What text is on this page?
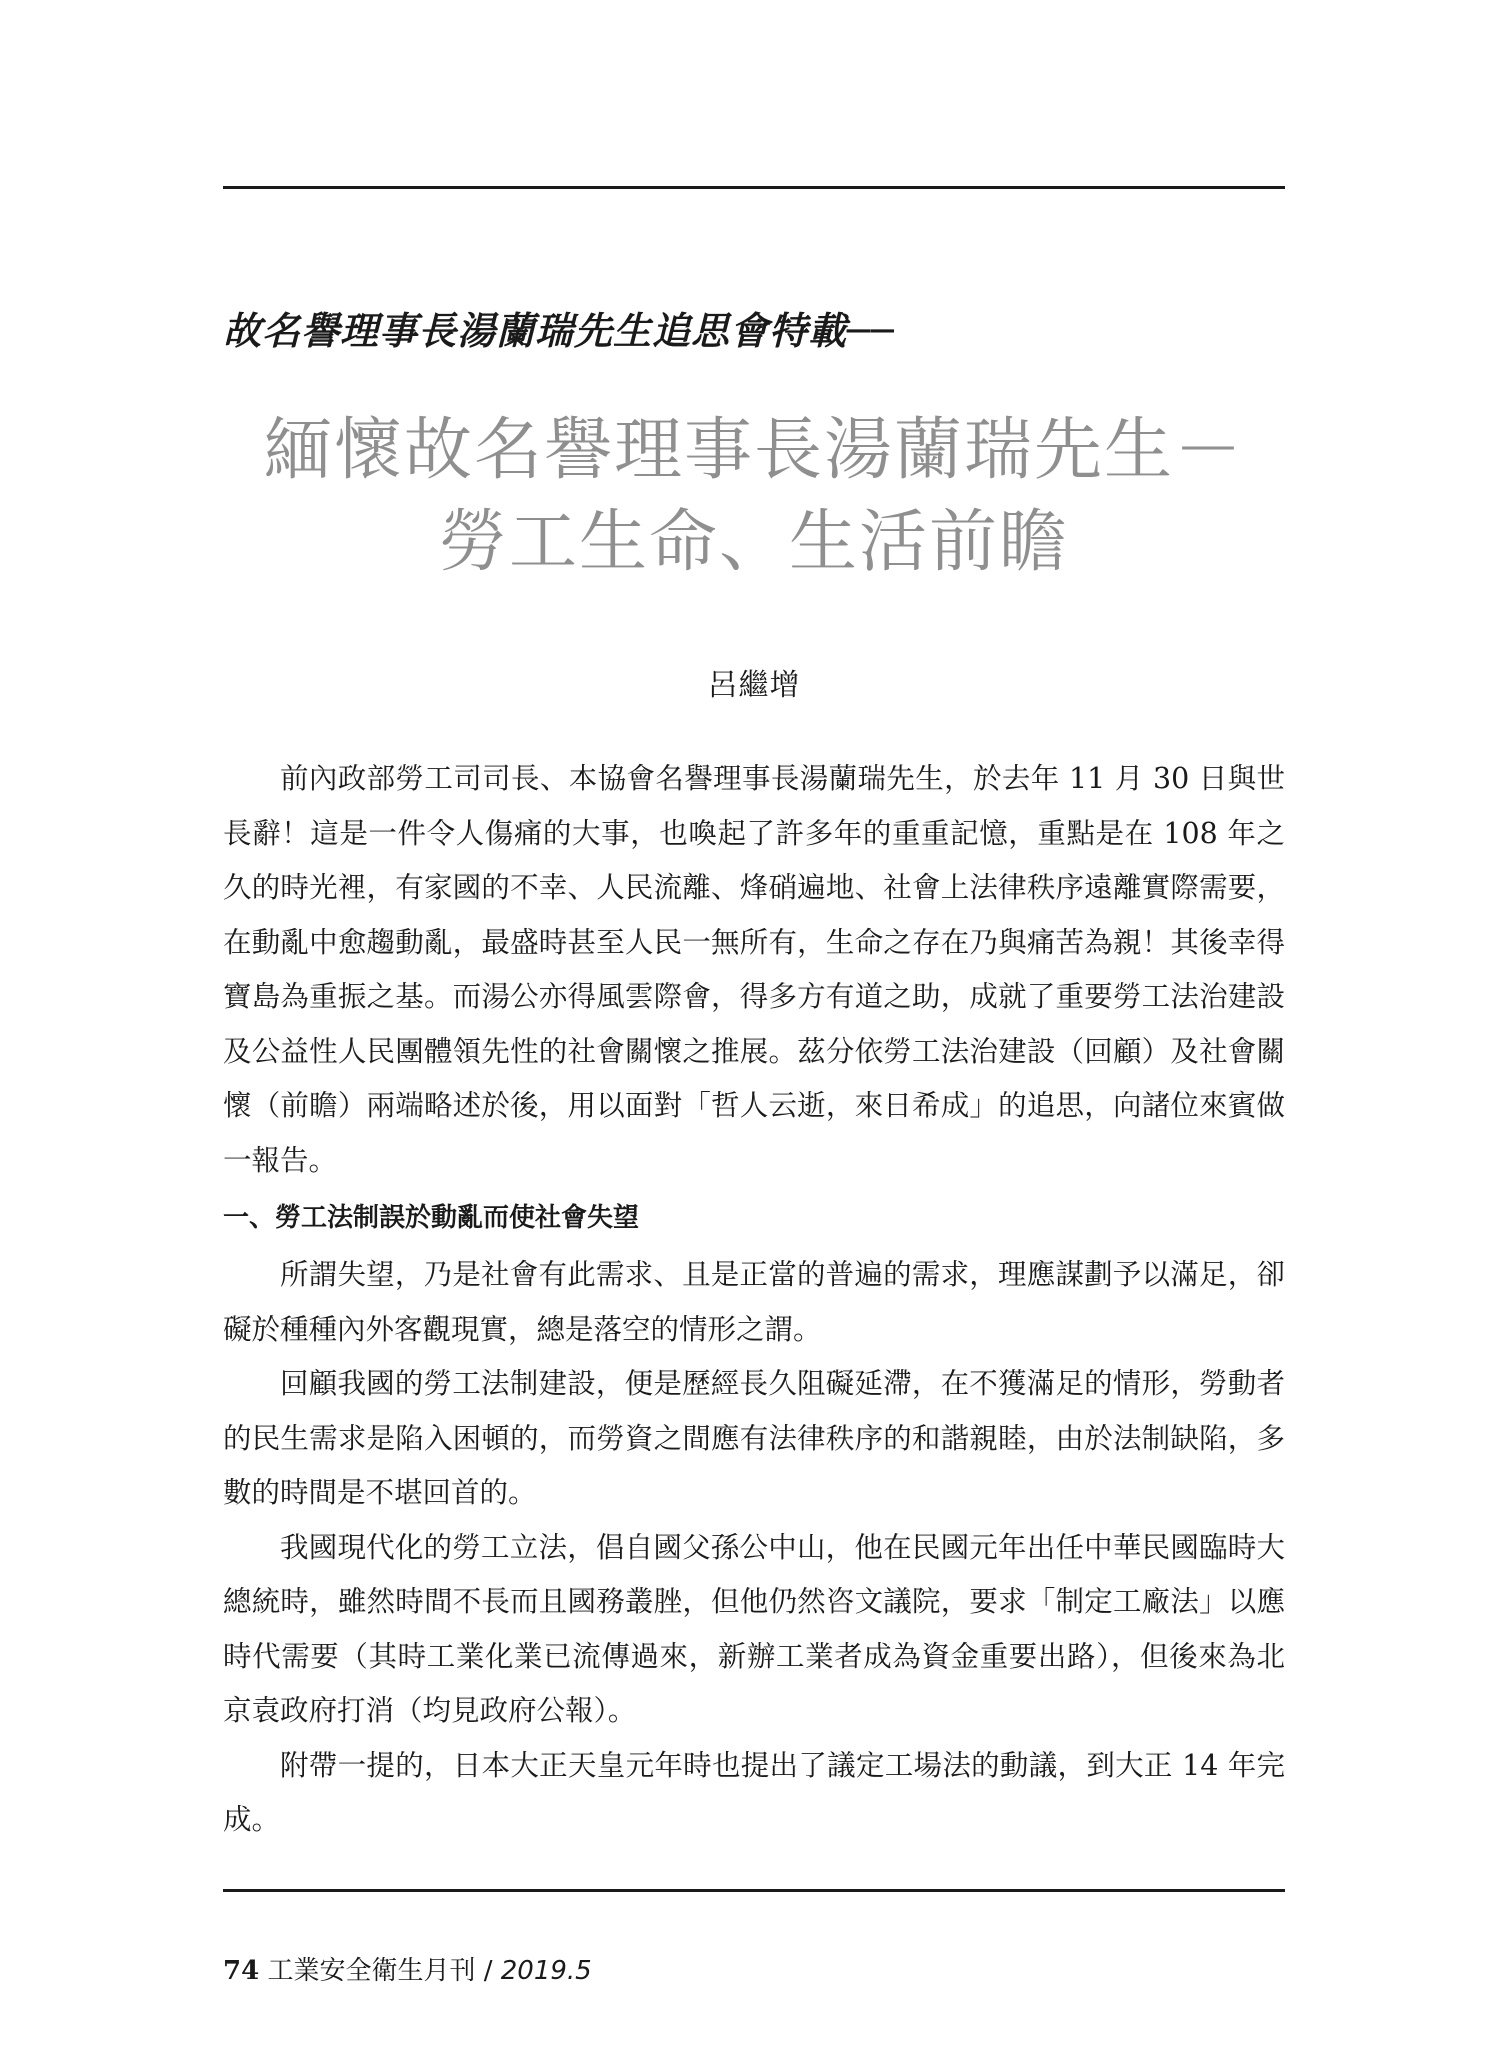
故名譽理事長湯蘭瑞先生追思會特載──
緬懷故名譽理事長湯蘭瑞先生－
勞工生命、生活前瞻
呂繼增

前內政部勞工司司長、本協會名譽理事長湯蘭瑞先生，於去年 11 月 30 日與世長辭！這是一件令人傷痛的大事，也喚起了許多年的重重記憶，重點是在 108 年之久的時光裡，有家國的不幸、人民流離、烽硝遍地、社會上法律秩序遠離實際需要，在動亂中愈趨動亂，最盛時甚至人民一無所有，生命之存在乃與痛苦為親！其後幸得寶島為重振之基。而湯公亦得風雲際會，得多方有道之助，成就了重要勞工法治建設及公益性人民團體領先性的社會關懷之推展。茲分依勞工法治建設（回顧）及社會關懷（前瞻）兩端略述於後，用以面對「哲人云逝，來日希成」的追思，向諸位來賓做一報告。

一、勞工法制誤於動亂而使社會失望

所謂失望，乃是社會有此需求、且是正當的普遍的需求，理應謀劃予以滿足，卻礙於種種內外客觀現實，總是落空的情形之謂。

回顧我國的勞工法制建設，便是歷經長久阻礙延滯，在不獲滿足的情形，勞動者的民生需求是陷入困頓的，而勞資之間應有法律秩序的和諧親睦，由於法制缺陷，多數的時間是不堪回首的。

我國現代化的勞工立法，倡自國父孫公中山，他在民國元年出任中華民國臨時大總統時，雖然時間不長而且國務叢脞，但他仍然咨文議院，要求「制定工廠法」以應時代需要（其時工業化業已流傳過來，新辦工業者成為資金重要出路），但後來為北京袁政府打消（均見政府公報）。

附帶一提的，日本大正天皇元年時也提出了議定工場法的動議，到大正 14 年完成。

74 工業安全衛生月刊 / 2019.5
